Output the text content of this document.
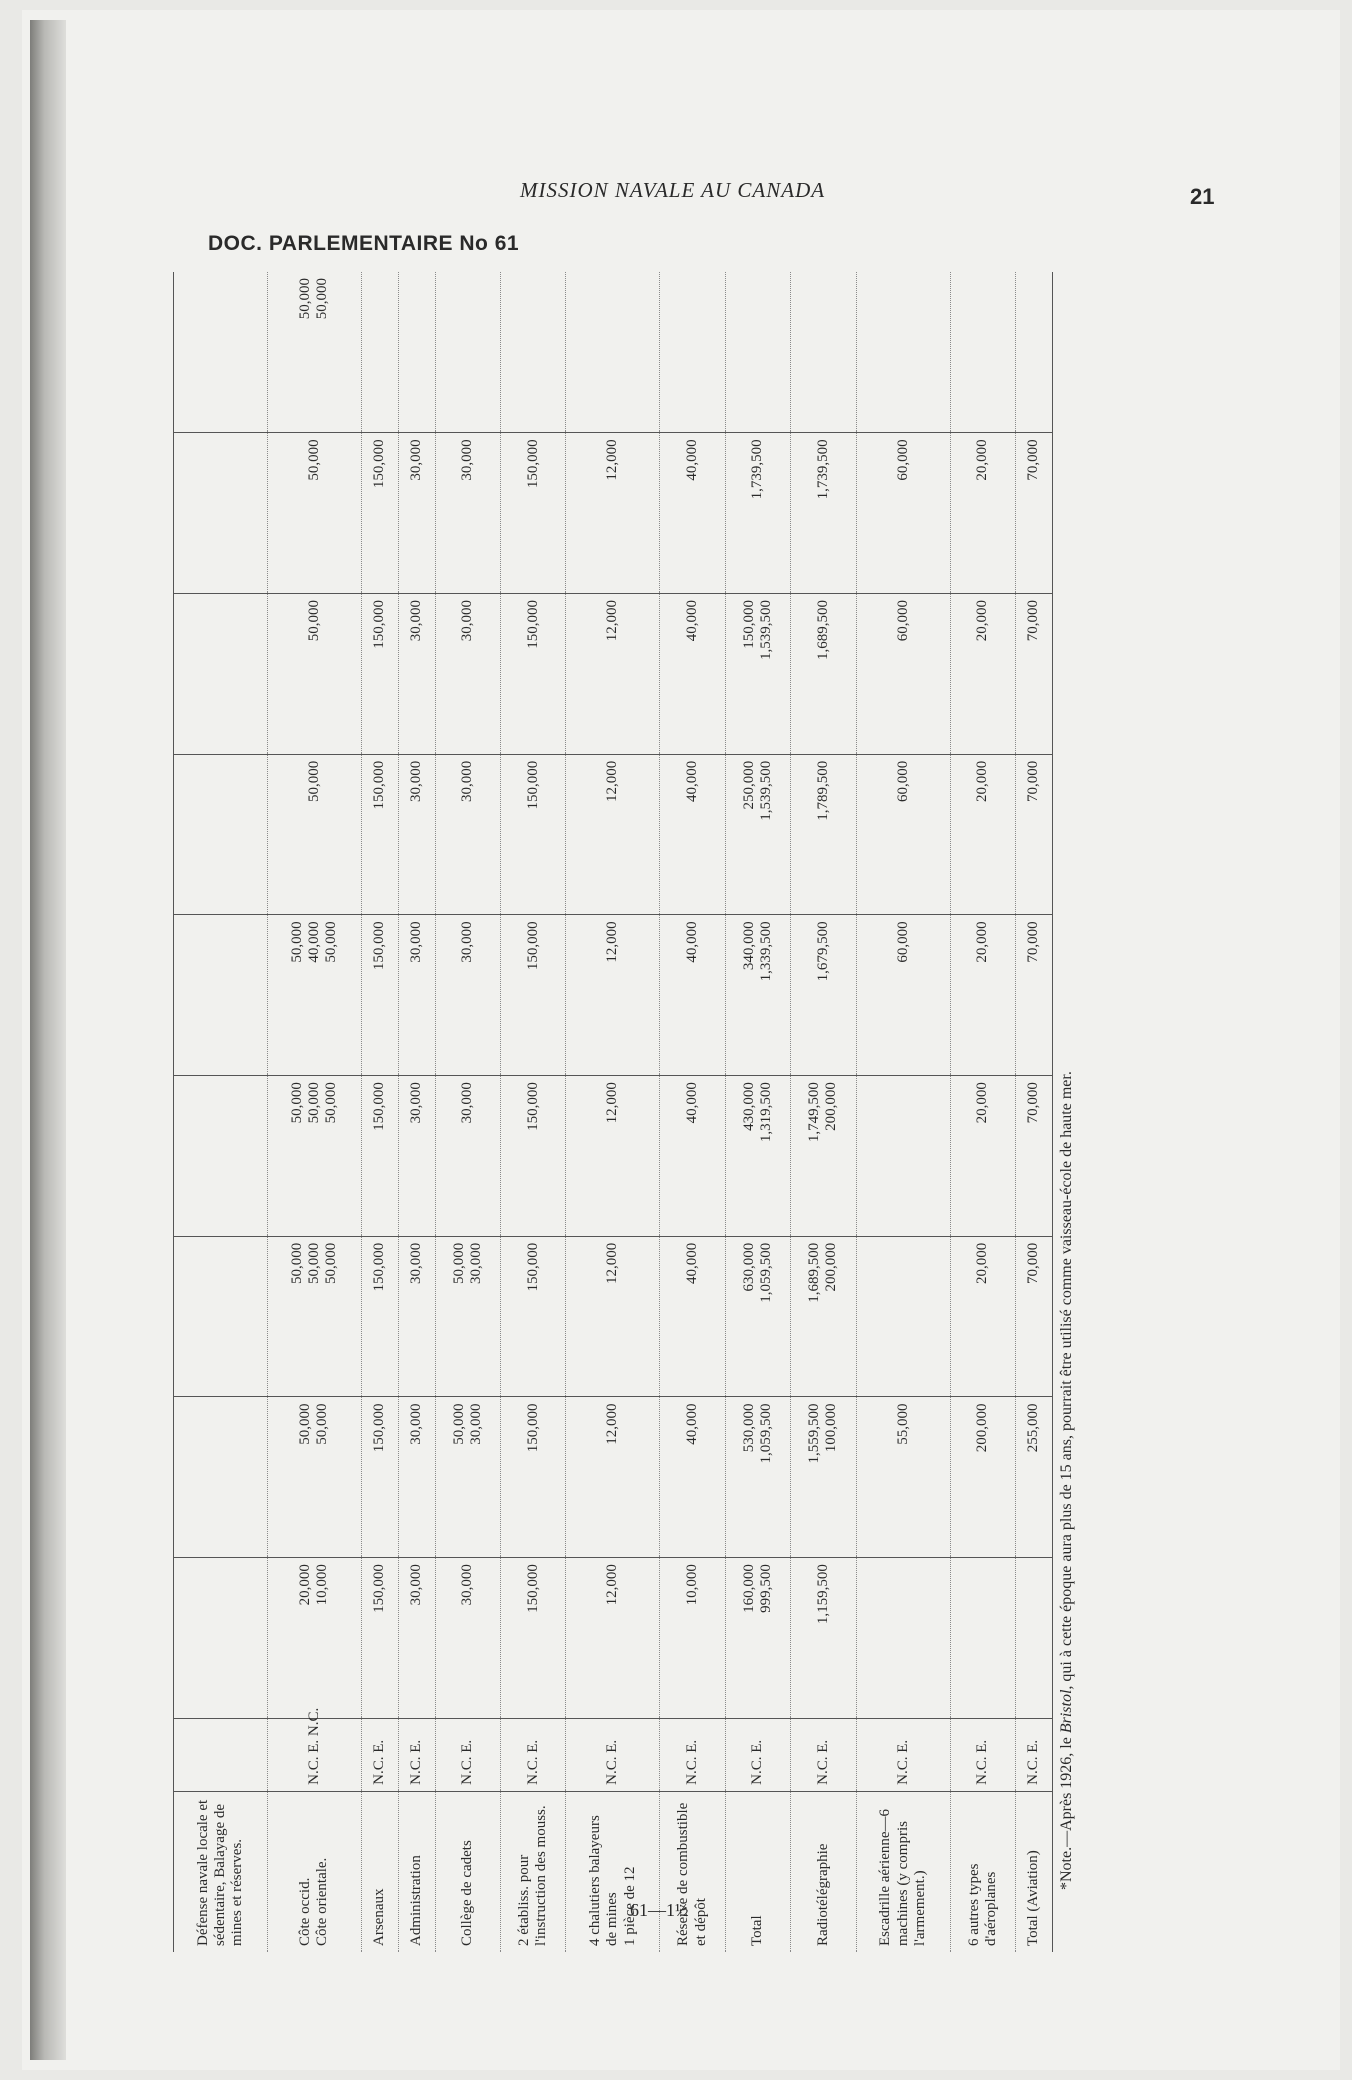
MISSION NAVALE AU CANADA	21
DOC. PARLEMENTAIRE No 61
Défense navale locale et sédentaire, Balayage de mines et réserves.										

Côte occid. Côte orientale.	N.C. E. N.C.	20,000 10,000	50,000 50,000	50,000 50,000 50,000	50,000 50,000 50,000	50,000 40,000 50,000	50,000	50,000	50,000	50,000 50,000

Arsenaux	N.C. E.	150,000	150,000	150,000	150,000	150,000	150,000	150,000	150,000	

Administration	N.C. E.	30,000	30,000	30,000	30,000	30,000	30,000	30,000	30,000	

Collège de cadets	N.C. E.	30,000	50,000 30,000	50,000 30,000	30,000	30,000	30,000	30,000	30,000	

2 établiss. pour l'instruction des mouss.	N.C. E.	150,000	150,000	150,000	150,000	150,000	150,000	150,000	150,000	

4 chalutiers balayeurs de mines 1 pièce de 12	N.C. E.	12,000	12,000	12,000	12,000	12,000	12,000	12,000	12,000	

Réserve de combustible et dépôt	N.C. E.	10,000	40,000	40,000	40,000	40,000	40,000	40,000	40,000	

Total	N.C. E.	160,000 999,500	530,000 1,059,500	630,000 1,059,500	430,000 1,319,500	340,000 1,339,500	250,000 1,539,500	150,000 1,539,500	1,739,500	

Radiotélégraphie	N.C. E.	1,159,500	1,559,500 100,000	1,689,500 200,000	1,749,500 200,000	1,679,500	1,789,500	1,689,500	1,739,500	

Escadrille aérienne—6 machines (y compris l'armement.)	N.C. E.		55,000			60,000	60,000	60,000	60,000	

6 autres types d'aéroplanes	N.C. E.		200,000	20,000	20,000	20,000	20,000	20,000	20,000	

Total (Aviation)	N.C. E.		255,000	70,000	70,000	70,000	70,000	70,000	70,000	

*Note.—Après 1926, le Bristol, qui à cette époque aura plus de 15 ans, pourrait être utilisé comme vaisseau-école de haute mer.
61—1½
